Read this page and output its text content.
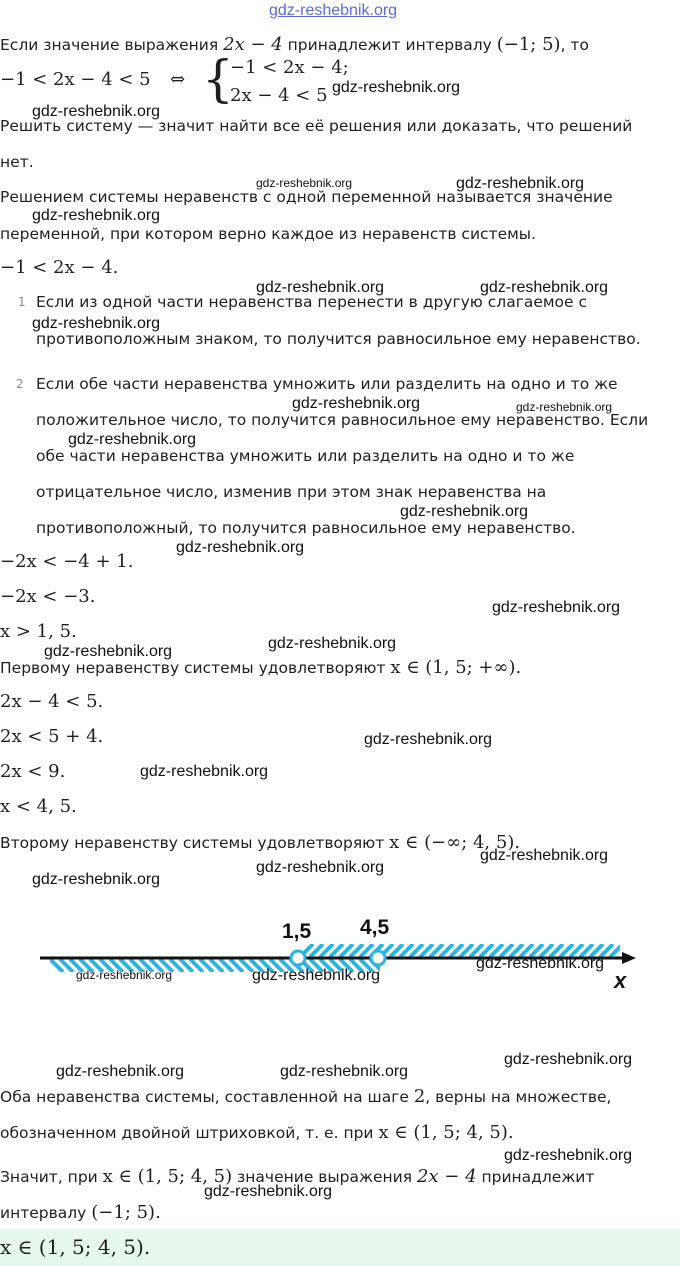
gdz-reshebnik.org
Если значение выражения 2x − 4 принадлежит интервалу (−1; 5), то
−1 < 2x − 4 < 5 ⇔ {
−1 < 2x − 4;
2x − 4 < 5
Решить систему — значит найти все её решения или доказать, что решений
нет.
Решением системы неравенств с одной переменной называется значение
переменной, при котором верно каждое из неравенств системы.
−1 < 2x − 4.
1 Если из одной части неравенства перенести в другую слагаемое с
противоположным знаком, то получится равносильное ему неравенство.
2 Если обе части неравенства умножить или разделить на одно и то же
положительное число, то получится равносильное ему неравенство. Если
обе части неравенства умножить или разделить на одно и то же
отрицательное число, изменив при этом знак неравенства на
противоположный, то получится равносильное ему неравенство.
−2x < −4 + 1.
−2x < −3.
x > 1, 5.
Первому неравенству системы удовлетворяют x ∈ (1, 5; +∞).
2x − 4 < 5.
2x < 5 + 4.
2x < 9.
x < 4, 5.
Второму неравенству системы удовлетворяют x ∈ (−∞; 4, 5).
1,5 4,5
x
Оба неравенства системы, составленной на шаге 2, верны на множестве,
обозначенном двойной штриховкой, т. е. при x ∈ (1, 5; 4, 5).
Значит, при x ∈ (1, 5; 4, 5) значение выражения 2x − 4 принадлежит
интервалу (−1; 5).
x ∈ (1, 5; 4, 5).
gdz-reshebnik.org
gdz-reshebnik.org
gdz-reshebnik.org	gdz-reshebnik.org
gdz-reshebnik.org
gdz-reshebnik.org	gdz-reshebnik.org
gdz-reshebnik.org
gdz-reshebnik.org	gdz-reshebnik.org
gdz-reshebnik.org
gdz-reshebnik.org
gdz-reshebnik.org
gdz-reshebnik.org
gdz-reshebnik.org	gdz-reshebnik.org
gdz-reshebnik.org
gdz-reshebnik.org
gdz-reshebnik.org
gdz-reshebnik.org
gdz-reshebnik.org
gdz-reshebnik.org	gdz-reshebnik.org
gdz-reshebnik.org
gdz-reshebnik.org
gdz-reshebnik.org	gdz-reshebnik.org
gdz-reshebnik.org
gdz-reshebnik.org
